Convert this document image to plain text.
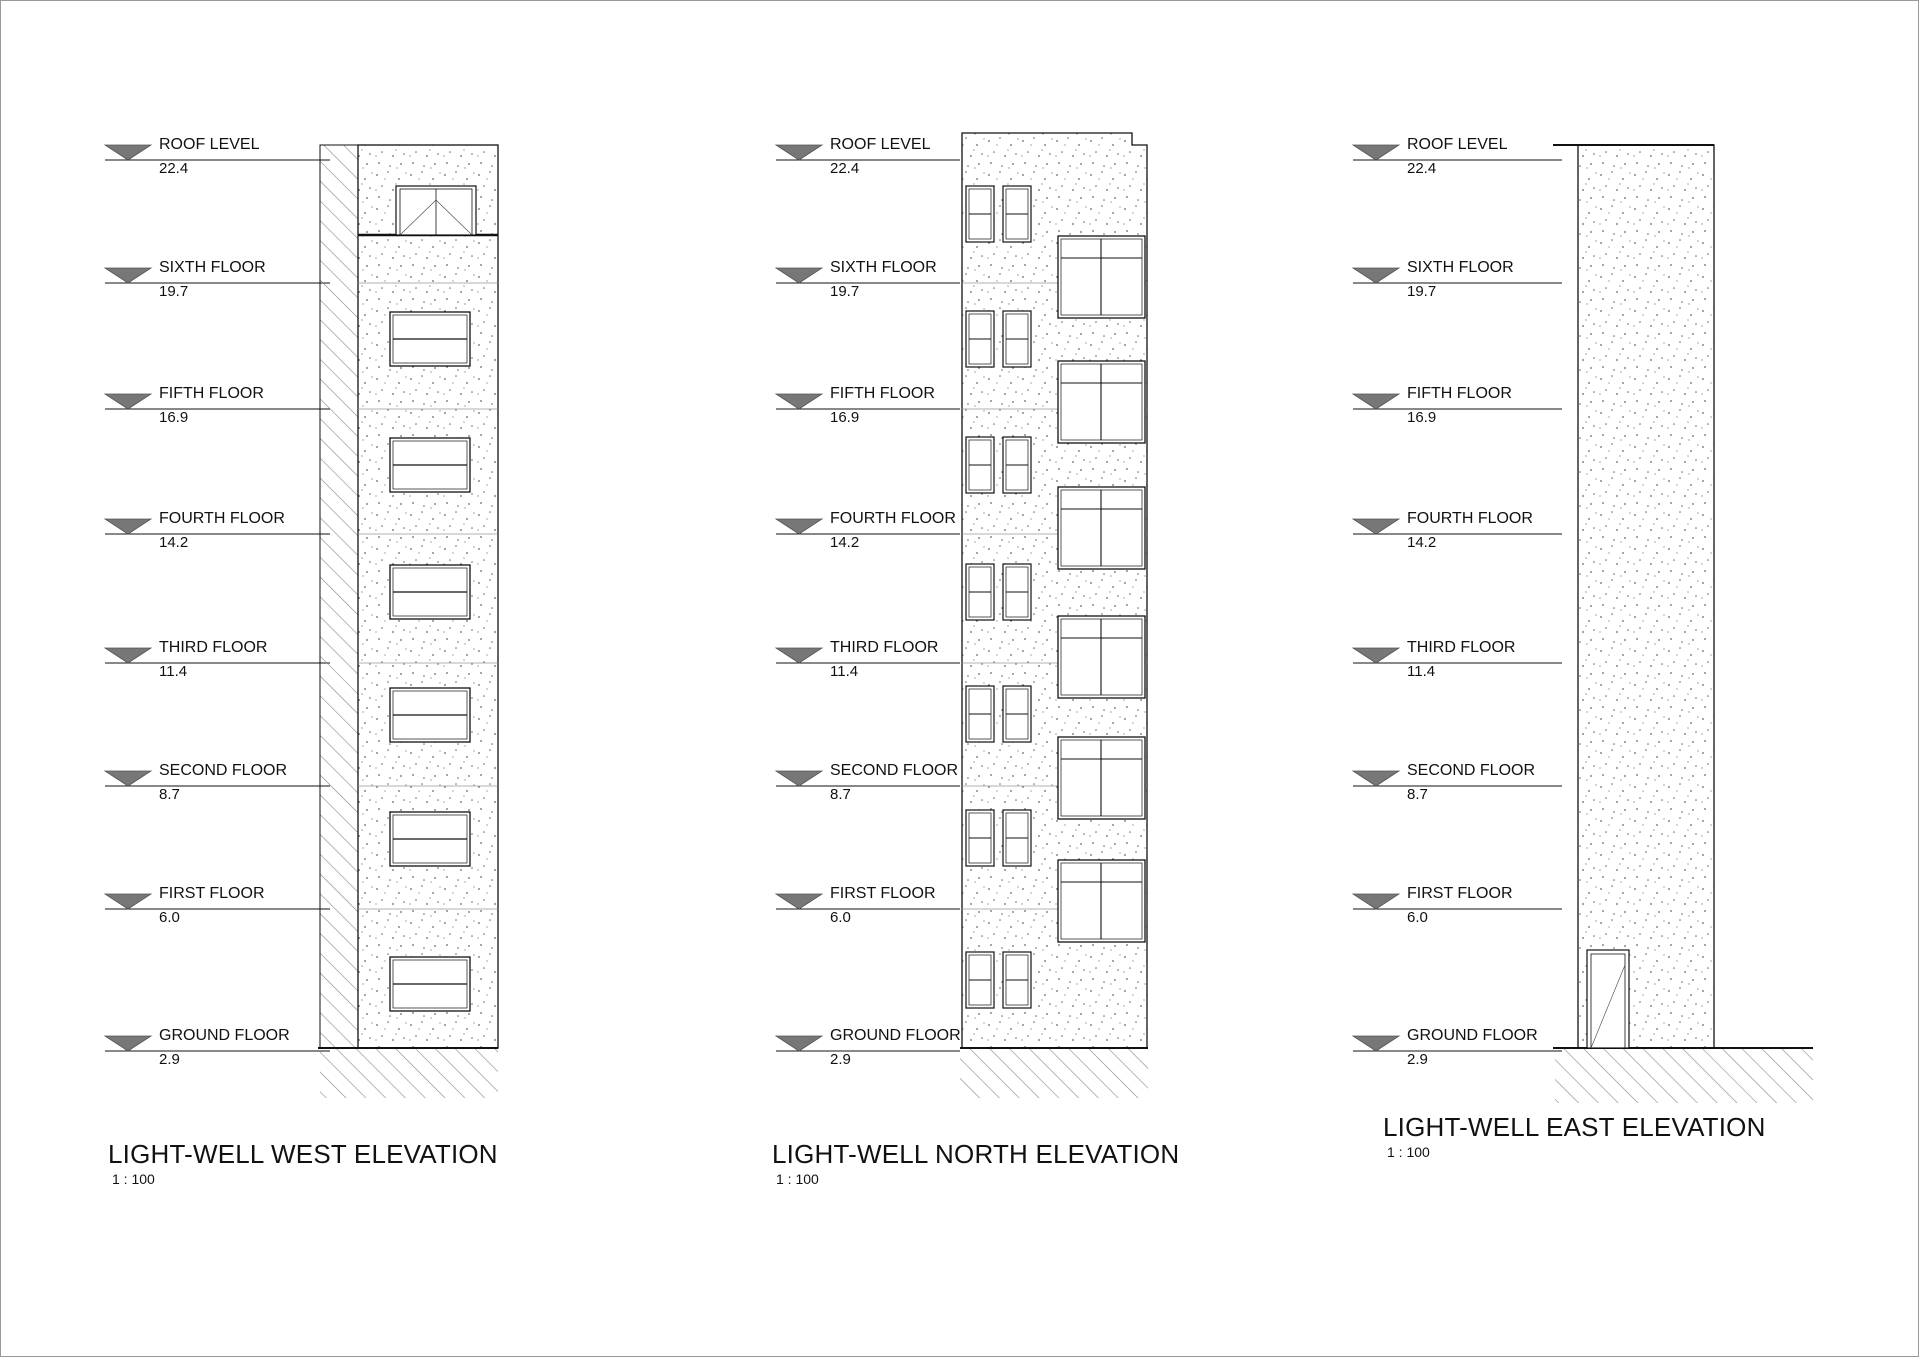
ROOF LEVEL
22.4
SIXTH FLOOR
19.7
FIFTH FLOOR
16.9
FOURTH FLOOR
14.2
THIRD FLOOR
11.4
SECOND FLOOR
8.7
FIRST FLOOR
6.0
GROUND FLOOR
2.9
ROOF LEVEL
22.4
SIXTH FLOOR
19.7
FIFTH FLOOR
16.9
FOURTH FLOOR
14.2
THIRD FLOOR
11.4
SECOND FLOOR
8.7
FIRST FLOOR
6.0
GROUND FLOOR
2.9
ROOF LEVEL
22.4
SIXTH FLOOR
19.7
FIFTH FLOOR
16.9
FOURTH FLOOR
14.2
THIRD FLOOR
11.4
SECOND FLOOR
8.7
FIRST FLOOR
6.0
GROUND FLOOR
2.9
LIGHT-WELL WEST ELEVATION
1 : 100
LIGHT-WELL NORTH ELEVATION
1 : 100
LIGHT-WELL EAST ELEVATION
1 : 100
